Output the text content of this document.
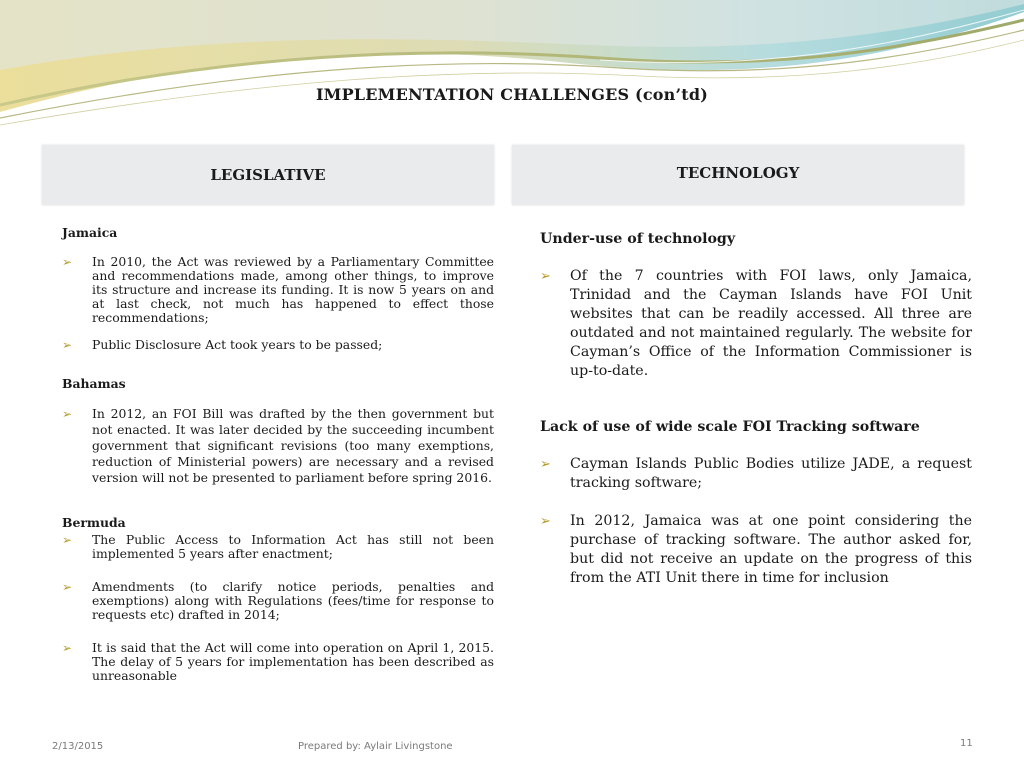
IMPLEMENTATION CHALLENGES (con’td)
LEGISLATIVE	TECHNOLOGY

Jamaica

➢ In 2010, the Act was reviewed by a Parliamentary Committee and recommendations made, among other things, to improve its structure and increase its funding. It is now 5 years on and at last check, not much has happened to effect those recommendations;
➢ Public Disclosure Act took years to be passed;

Bahamas

➢ In 2012, an FOI Bill was drafted by the then government but not enacted. It was later decided by the succeeding incumbent government that significant revisions (too many exemptions, reduction of Ministerial powers) are necessary and a revised version will not be presented to parliament before spring 2016.

Bermuda

➢ The Public Access to Information Act has still not been implemented 5 years after enactment;
➢ Amendments (to clarify notice periods, penalties and exemptions) along with Regulations (fees/time for response to requests etc) drafted in 2014;
➢ It is said that the Act will come into operation on April 1, 2015. The delay of 5 years for implementation has been described as unreasonable

Under-use of technology

➢ Of the 7 countries with FOI laws, only Jamaica, Trinidad and the Cayman Islands have FOI Unit websites that can be readily accessed. All three are outdated and not maintained regularly. The website for Cayman’s Office of the Information Commissioner is up-to-date.

Lack of use of wide scale FOI Tracking software

➢ Cayman Islands Public Bodies utilize JADE, a request tracking software;
➢ In 2012, Jamaica was at one point considering the purchase of tracking software. The author asked for, but did not receive an update on the progress of this from the ATI Unit there in time for inclusion
2/13/2015	Prepared by: Aylair Livingstone	11
